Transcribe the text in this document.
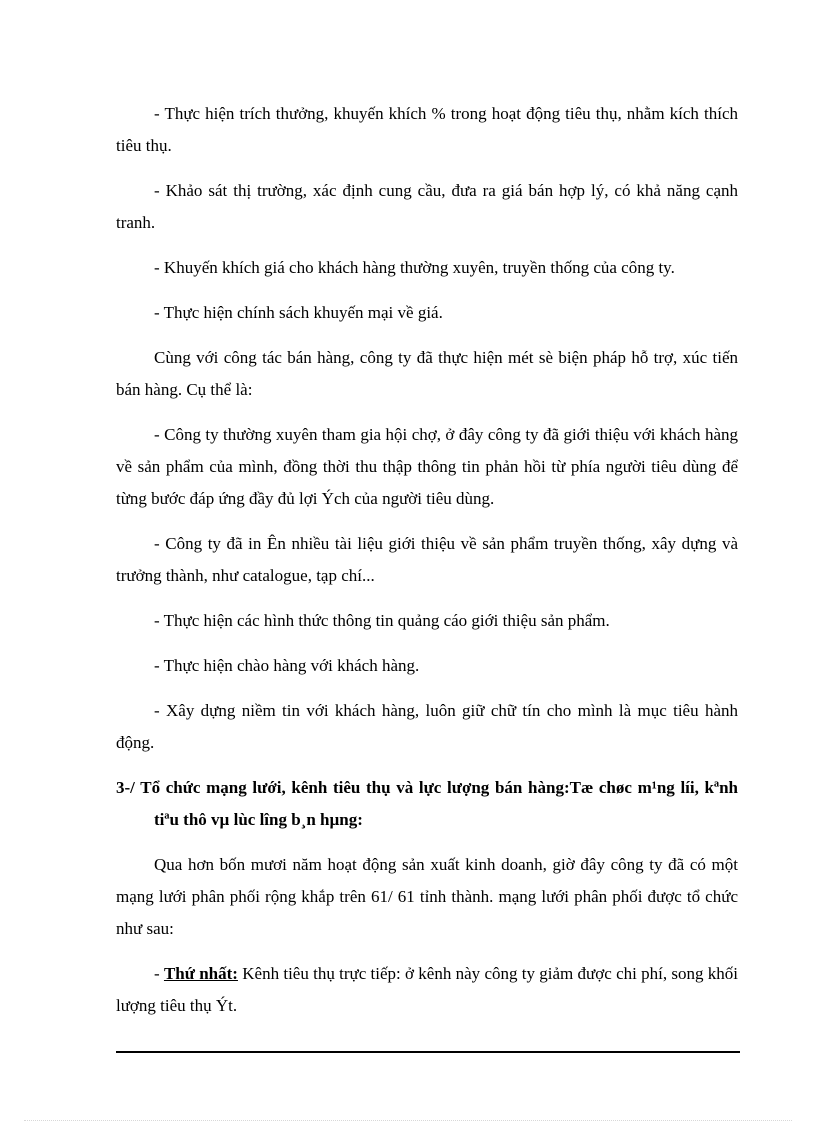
- Thực hiện trích thưởng, khuyến khích % trong hoạt động tiêu thụ, nhằm kích thích tiêu thụ.

- Khảo sát thị trường, xác định cung cầu, đưa ra giá bán hợp lý, có khả năng cạnh tranh.

- Khuyến khích giá cho khách hàng thường xuyên, truyền thống của công ty.

- Thực hiện chính sách khuyến mại về giá.

Cùng với công tác bán hàng, công ty đã thực hiện mét sè biện pháp hỗ trợ, xúc tiến bán hàng. Cụ thể là:

- Công ty thường xuyên tham gia hội chợ, ở đây công ty đã giới thiệu với khách hàng về sản phẩm của mình, đồng thời thu thập thông tin phản hồi từ phía người tiêu dùng để từng bước đáp ứng đầy đủ lợi Ých của người tiêu dùng.

- Công ty đã in Ên nhiều tài liệu giới thiệu về sản phẩm truyền thống, xây dựng và trưởng thành, như catalogue, tạp chí...

- Thực hiện các hình thức thông tin quảng cáo giới thiệu sản phẩm.

- Thực hiện chào hàng với khách hàng.

- Xây dựng niềm tin với khách hàng, luôn giữ chữ tín cho mình là mục tiêu hành động.

3-/ Tổ chức mạng lưới, kênh tiêu thụ và lực lượng bán hàng:Tæ chøc m¹ng líi, kªnh tiªu thô vµ lùc lîng b¸n hµng:

Qua hơn bốn mươi năm hoạt động sản xuất kinh doanh, giờ đây công ty đã có một mạng lưới phân phối rộng khắp trên 61/ 61 tỉnh thành. mạng lưới phân phối được tổ chức như sau:

- Thứ nhất: Kênh tiêu thụ trực tiếp: ở kênh này công ty giảm được chi phí, song khối lượng tiêu thụ Ýt.
